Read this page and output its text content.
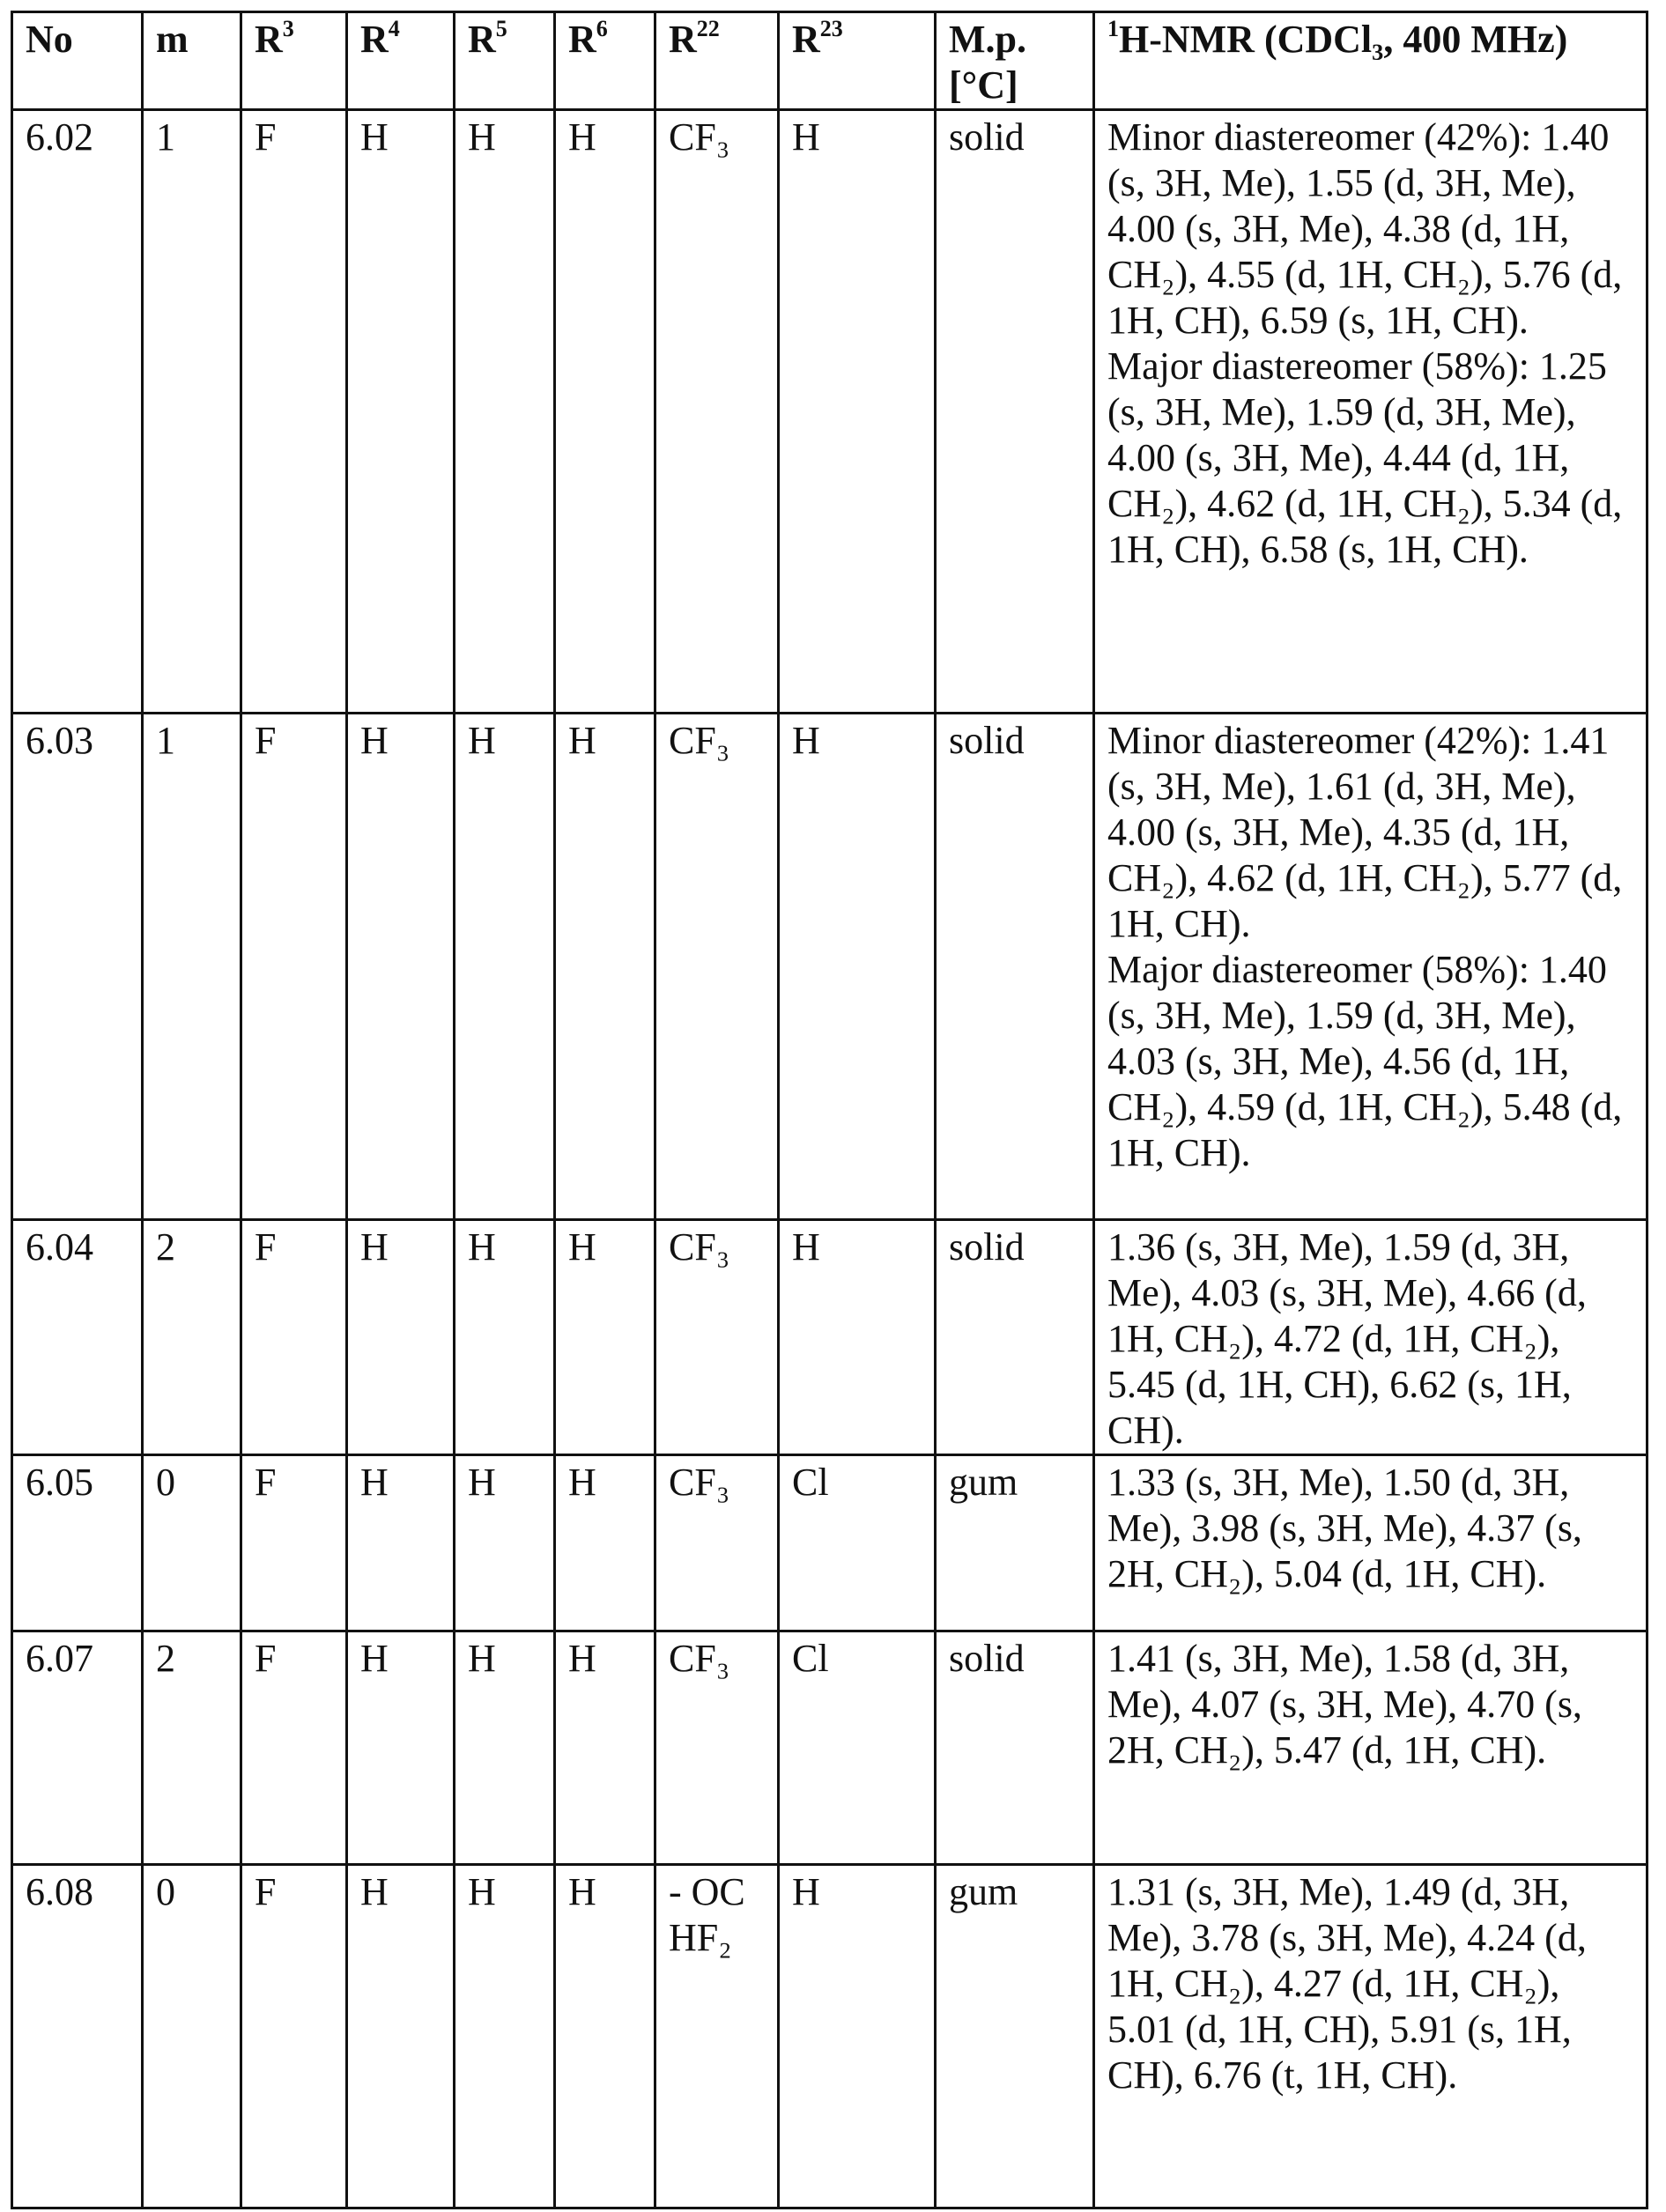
No	m	$R^3$	$R^4$	$R^5$	$R^6$	$R^{22}$	$R^{23}$	M.p. [°C]	$^1$H-NMR (CDCl₃, 400 MHz)
6.02	1	F	H	H	H	CF₃	H	solid	Minor diastereomer (42%): 1.40 (s, 3H, Me), 1.55 (d, 3H, Me), 4.00 (s, 3H, Me), 4.38 (d, 1H, CH₂), 4.55 (d, 1H, CH₂), 5.76 (d, 1H, CH), 6.59 (s, 1H, CH).
Major diastereomer (58%): 1.25 (s, 3H, Me), 1.59 (d, 3H, Me), 4.00 (s, 3H, Me), 4.44 (d, 1H, CH₂), 4.62 (d, 1H, CH₂), 5.34 (d, 1H, CH), 6.58 (s, 1H, CH).
6.03	1	F	H	H	H	CF₃	H	solid	Minor diastereomer (42%): 1.41 (s, 3H, Me), 1.61 (d, 3H, Me), 4.00 (s, 3H, Me), 4.35 (d, 1H, CH₂), 4.62 (d, 1H, CH₂), 5.77 (d, 1H, CH).
Major diastereomer (58%): 1.40 (s, 3H, Me), 1.59 (d, 3H, Me), 4.03 (s, 3H, Me), 4.56 (d, 1H, CH₂), 4.59 (d, 1H, CH₂), 5.48 (d, 1H, CH).
6.04	2	F	H	H	H	CF₃	H	solid	1.36 (s, 3H, Me), 1.59 (d, 3H, Me), 4.03 (s, 3H, Me), 4.66 (d, 1H, CH₂), 4.72 (d, 1H, CH₂), 5.45 (d, 1H, CH), 6.62 (s, 1H, CH).
6.05	0	F	H	H	H	CF₃	Cl	gum	1.33 (s, 3H, Me), 1.50 (d, 3H, Me), 3.98 (s, 3H, Me), 4.37 (s, 2H, CH₂), 5.04 (d, 1H, CH).
6.07	2	F	H	H	H	CF₃	Cl	solid	1.41 (s, 3H, Me), 1.58 (d, 3H, Me), 4.07 (s, 3H, Me), 4.70 (s, 2H, CH₂), 5.47 (d, 1H, CH).
6.08	0	F	H	H	H	- OC HF₂	H	gum	1.31 (s, 3H, Me), 1.49 (d, 3H, Me), 3.78 (s, 3H, Me), 4.24 (d, 1H, CH₂), 4.27 (d, 1H, CH₂), 5.01 (d, 1H, CH), 5.91 (s, 1H, CH), 6.76 (t, 1H, CH).
